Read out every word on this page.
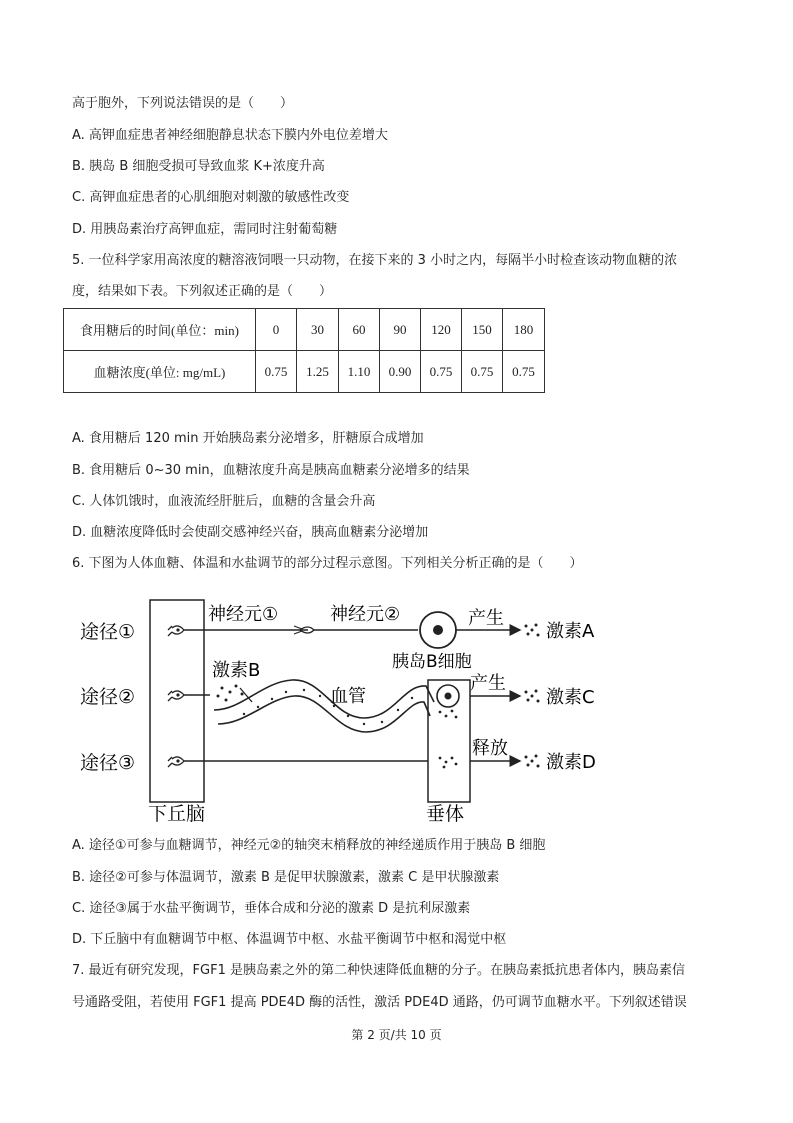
高于胞外，下列说法错误的是（　　）
A. 高钾血症患者神经细胞静息状态下膜内外电位差增大
B. 胰岛 B 细胞受损可导致血浆 K+浓度升高
C. 高钾血症患者的心肌细胞对刺激的敏感性改变
D. 用胰岛素治疗高钾血症，需同时注射葡萄糖
5. 一位科学家用高浓度的糖溶液饲喂一只动物，在接下来的 3 小时之内，每隔半小时检查该动物血糖的浓
度，结果如下表。下列叙述正确的是（　　）
食用糖后的时间(单位：min)	0	30	60	90	120	150	180
血糖浓度(单位: mg/mL)	0.75	1.25	1.10	0.90	0.75	0.75	0.75
A. 食用糖后 120 min 开始胰岛素分泌增多，肝糖原合成增加
B. 食用糖后 0~30 min，血糖浓度升高是胰高血糖素分泌增多的结果
C. 人体饥饿时，血液流经肝脏后，血糖的含量会升高
D. 血糖浓度降低时会使副交感神经兴奋，胰高血糖素分泌增加
6. 下图为人体血糖、体温和水盐调节的部分过程示意图。下列相关分析正确的是（　　）
途径①
途径②
途径③
神经元①	神经元②
胰岛B细胞
产生
激素A
激素B
血管
产生
激素C
释放
激素D
下丘脑	垂体
A. 途径①可参与血糖调节，神经元②的轴突末梢释放的神经递质作用于胰岛 B 细胞
B. 途径②可参与体温调节，激素 B 是促甲状腺激素，激素 C 是甲状腺激素
C. 途径③属于水盐平衡调节，垂体合成和分泌的激素 D 是抗利尿激素
D. 下丘脑中有血糖调节中枢、体温调节中枢、水盐平衡调节中枢和渴觉中枢
7. 最近有研究发现，FGF1 是胰岛素之外的第二种快速降低血糖的分子。在胰岛素抵抗患者体内，胰岛素信
号通路受阻，若使用 FGF1 提高 PDE4D 酶的活性，激活 PDE4D 通路，仍可调节血糖水平。下列叙述错误
第 2 页/共 10 页
